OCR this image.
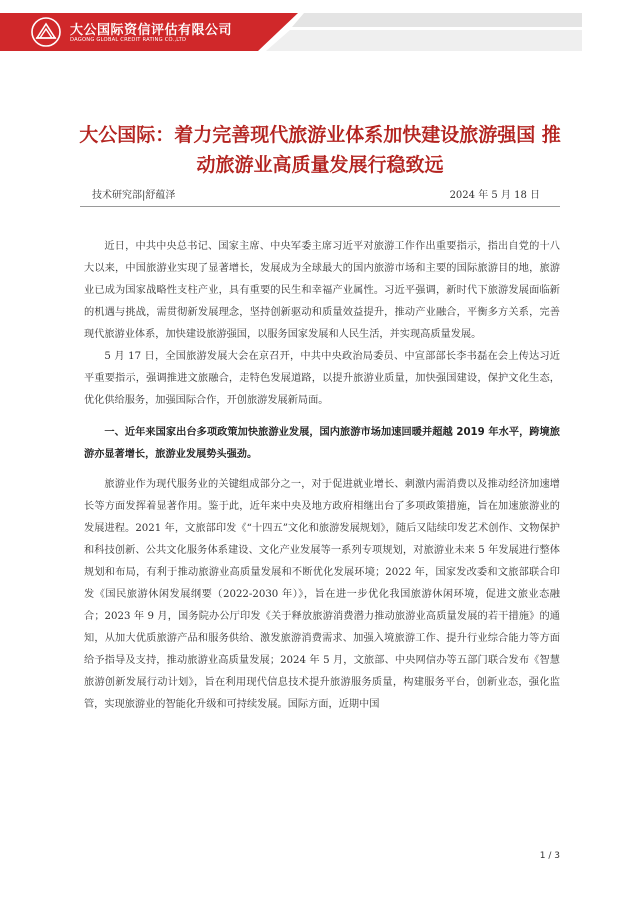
大公国际资信评估有限公司
DAGONG GLOBAL CREDIT RATING CO.,LTD
大公国际：着力完善现代旅游业体系加快建设旅游强国 推动旅游业高质量发展行稳致远
技术研究部|舒蕴泽	2024 年 5 月 18 日

近日，中共中央总书记、国家主席、中央军委主席习近平对旅游工作作出重要指示，指出自党的十八大以来，中国旅游业实现了显著增长，发展成为全球最大的国内旅游市场和主要的国际旅游目的地，旅游业已成为国家战略性支柱产业，具有重要的民生和幸福产业属性。习近平强调，新时代下旅游发展面临新的机遇与挑战，需贯彻新发展理念，坚持创新驱动和质量效益提升，推动产业融合，平衡多方关系，完善现代旅游业体系，加快建设旅游强国，以服务国家发展和人民生活，并实现高质量发展。

5 月 17 日，全国旅游发展大会在京召开，中共中央政治局委员、中宣部部长李书磊在会上传达习近平重要指示，强调推进文旅融合，走特色发展道路，以提升旅游业质量，加快强国建设，保护文化生态，优化供给服务，加强国际合作，开创旅游发展新局面。

一、近年来国家出台多项政策加快旅游业发展，国内旅游市场加速回暖并超越 2019 年水平，跨境旅游亦显著增长，旅游业发展势头强劲。

旅游业作为现代服务业的关键组成部分之一，对于促进就业增长、刺激内需消费以及推动经济加速增长等方面发挥着显著作用。鉴于此，近年来中央及地方政府相继出台了多项政策措施，旨在加速旅游业的发展进程。2021 年，文旅部印发《“十四五”文化和旅游发展规划》，随后又陆续印发艺术创作、文物保护和科技创新、公共文化服务体系建设、文化产业发展等一系列专项规划，对旅游业未来 5 年发展进行整体规划和布局，有利于推动旅游业高质量发展和不断优化发展环境；2022 年，国家发改委和文旅部联合印发《国民旅游休闲发展纲要（2022-2030 年）》，旨在进一步优化我国旅游休闲环境，促进文旅业态融合；2023 年 9 月，国务院办公厅印发《关于释放旅游消费潜力推动旅游业高质量发展的若干措施》的通知，从加大优质旅游产品和服务供给、激发旅游消费需求、加强入境旅游工作、提升行业综合能力等方面给予指导及支持，推动旅游业高质量发展；2024 年 5 月，文旅部、中央网信办等五部门联合发布《智慧旅游创新发展行动计划》，旨在利用现代信息技术提升旅游服务质量，构建服务平台，创新业态，强化监管，实现旅游业的智能化升级和可持续发展。国际方面，近期中国

1 / 3
